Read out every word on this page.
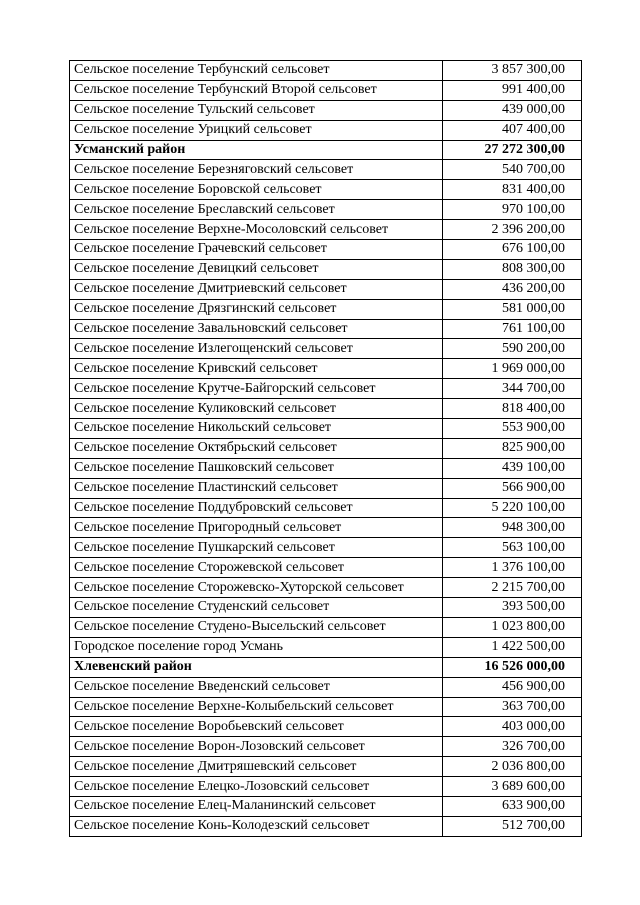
Сельское поселение Тербунский сельсовет	3 857 300,00
Сельское поселение Тербунский Второй сельсовет	991 400,00
Сельское поселение Тульский сельсовет	439 000,00
Сельское поселение Урицкий сельсовет	407 400,00
Усманский район	27 272 300,00
Сельское поселение Березняговский сельсовет	540 700,00
Сельское поселение Боровской сельсовет	831 400,00
Сельское поселение Бреславский сельсовет	970 100,00
Сельское поселение Верхне-Мосоловский сельсовет	2 396 200,00
Сельское поселение Грачевский сельсовет	676 100,00
Сельское поселение Девицкий сельсовет	808 300,00
Сельское поселение Дмитриевский сельсовет	436 200,00
Сельское поселение Дрязгинский сельсовет	581 000,00
Сельское поселение Завальновский сельсовет	761 100,00
Сельское поселение Излегощенский сельсовет	590 200,00
Сельское поселение Кривский сельсовет	1 969 000,00
Сельское поселение Крутче-Байгорский сельсовет	344 700,00
Сельское поселение Куликовский сельсовет	818 400,00
Сельское поселение Никольский сельсовет	553 900,00
Сельское поселение Октябрьский сельсовет	825 900,00
Сельское поселение Пашковский сельсовет	439 100,00
Сельское поселение Пластинский сельсовет	566 900,00
Сельское поселение Поддубровский сельсовет	5 220 100,00
Сельское поселение Пригородный сельсовет	948 300,00
Сельское поселение Пушкарский сельсовет	563 100,00
Сельское поселение Сторожевской сельсовет	1 376 100,00
Сельское поселение Сторожевско-Хуторской сельсовет	2 215 700,00
Сельское поселение Студенский сельсовет	393 500,00
Сельское поселение Студено-Высельский сельсовет	1 023 800,00
Городское поселение город Усмань	1 422 500,00
Хлевенский район	16 526 000,00
Сельское поселение Введенский сельсовет	456 900,00
Сельское поселение Верхне-Колыбельский сельсовет	363 700,00
Сельское поселение Воробьевский сельсовет	403 000,00
Сельское поселение Ворон-Лозовский сельсовет	326 700,00
Сельское поселение Дмитряшевский сельсовет	2 036 800,00
Сельское поселение Елецко-Лозовский сельсовет	3 689 600,00
Сельское поселение Елец-Маланинский сельсовет	633 900,00
Сельское поселение Конь-Колодезский сельсовет	512 700,00
